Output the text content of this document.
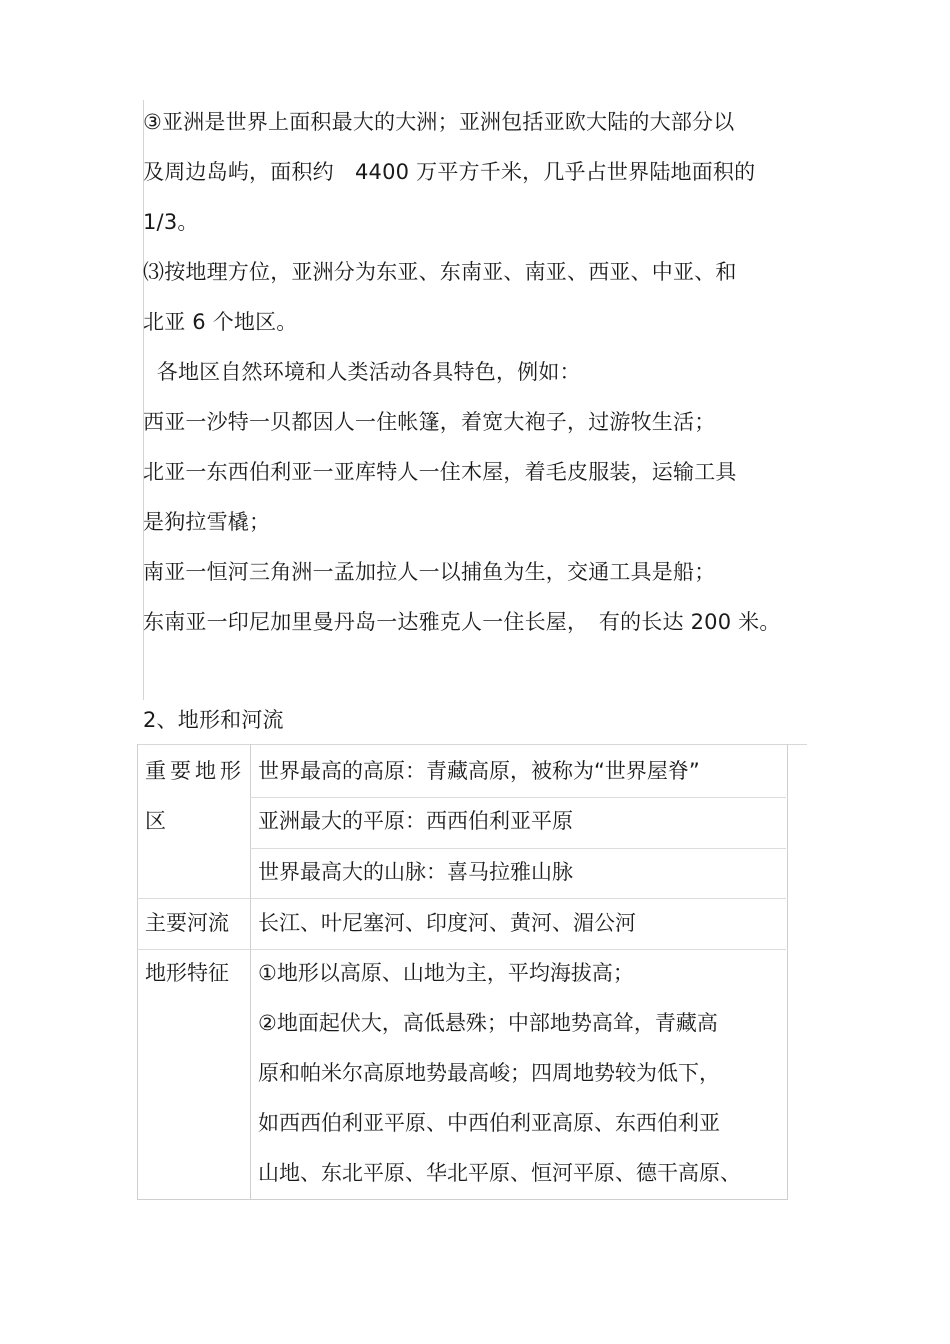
③亚洲是世界上面积最大的大洲；亚洲包括亚欧大陆的大部分以
及周边岛屿，面积约　4400 万平方千米，几乎占世界陆地面积的
1/3。
⑶按地理方位，亚洲分为东亚、东南亚、南亚、西亚、中亚、和
北亚 6 个地区。
各地区自然环境和人类活动各具特色，例如：
西亚一沙特一贝都因人一住帐篷，着宽大袍子，过游牧生活；
北亚一东西伯利亚一亚库特人一住木屋，着毛皮服装，运输工具
是狗拉雪橇；
南亚一恒河三角洲一孟加拉人一以捕鱼为生，交通工具是船；
东南亚一印尼加里曼丹岛一达雅克人一住长屋，　有的长达 200 米。
2、地形和河流
重要地形
区
世界最高的高原：青藏高原，被称为“世界屋脊”
亚洲最大的平原：西西伯利亚平原
世界最高大的山脉：喜马拉雅山脉
主要河流 长江、叶尼塞河、印度河、黄河、湄公河
地形特征 ①地形以高原、山地为主，平均海拔高；
②地面起伏大，高低悬殊；中部地势高耸，青藏高
原和帕米尔高原地势最高峻；四周地势较为低下，
如西西伯利亚平原、中西伯利亚高原、东西伯利亚
山地、东北平原、华北平原、恒河平原、德干高原、
